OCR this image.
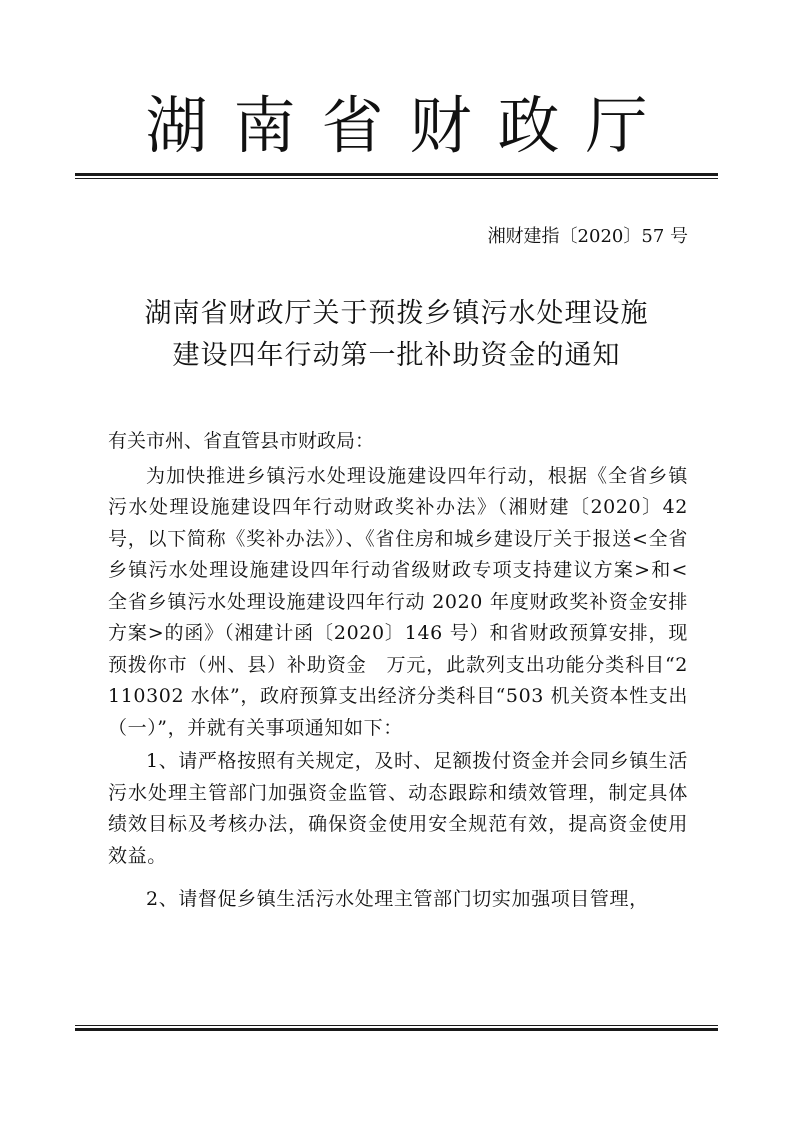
湖南省财政厅
湘财建指〔2020〕57 号
湖南省财政厅关于预拨乡镇污水处理设施
建设四年行动第一批补助资金的通知
有关市州、省直管县市财政局：
为加快推进乡镇污水处理设施建设四年行动，根据《全省乡镇污水处理设施建设四年行动财政奖补办法》（湘财建〔2020〕42 号，以下简称《奖补办法》）、《省住房和城乡建设厅关于报送<全省乡镇污水处理设施建设四年行动省级财政专项支持建议方案>和<全省乡镇污水处理设施建设四年行动 2020 年度财政奖补资金安排方案>的函》（湘建计函〔2020〕146 号）和省财政预算安排，现预拨你市（州、县）补助资金　万元，此款列支出功能分类科目“2110302 水体”，政府预算支出经济分类科目“503 机关资本性支出（一）”，并就有关事项通知如下：
1、请严格按照有关规定，及时、足额拨付资金并会同乡镇生活污水处理主管部门加强资金监管、动态跟踪和绩效管理，制定具体绩效目标及考核办法，确保资金使用安全规范有效，提高资金使用效益。
2、请督促乡镇生活污水处理主管部门切实加强项目管理，
